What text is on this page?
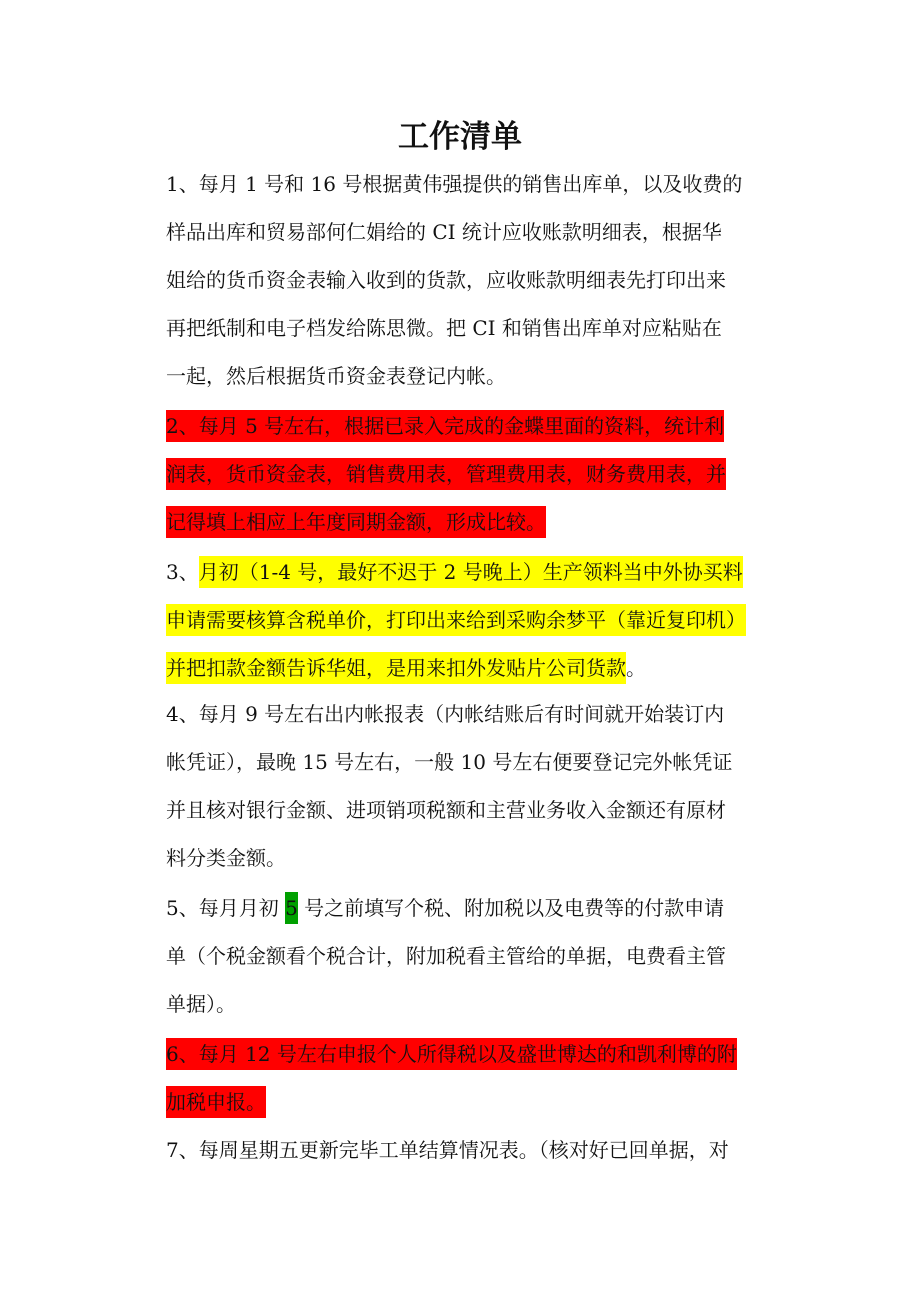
工作清单
1、每月 1 号和 16 号根据黄伟强提供的销售出库单，以及收费的
样品出库和贸易部何仁娟给的 CI 统计应收账款明细表，根据华
姐给的货币资金表输入收到的货款，应收账款明细表先打印出来
再把纸制和电子档发给陈思微。把 CI 和销售出库单对应粘贴在
一起，然后根据货币资金表登记内帐。
2、每月 5 号左右，根据已录入完成的金蝶里面的资料，统计利
润表，货币资金表，销售费用表，管理费用表，财务费用表，并
记得填上相应上年度同期金额，形成比较。
3、月初（1-4 号，最好不迟于 2 号晚上）生产领料当中外协买料
申请需要核算含税单价，打印出来给到采购余梦平（靠近复印机）
并把扣款金额告诉华姐，是用来扣外发贴片公司货款。
4、每月 9 号左右出内帐报表（内帐结账后有时间就开始装订内
帐凭证），最晚 15 号左右，一般 10 号左右便要登记完外帐凭证
并且核对银行金额、进项销项税额和主营业务收入金额还有原材
料分类金额。
5、每月月初 5 号之前填写个税、附加税以及电费等的付款申请
单（个税金额看个税合计，附加税看主管给的单据，电费看主管
单据）。
6、每月 12 号左右申报个人所得税以及盛世博达的和凯利博的附
加税申报。
7、每周星期五更新完毕工单结算情况表。（核对好已回单据，对
